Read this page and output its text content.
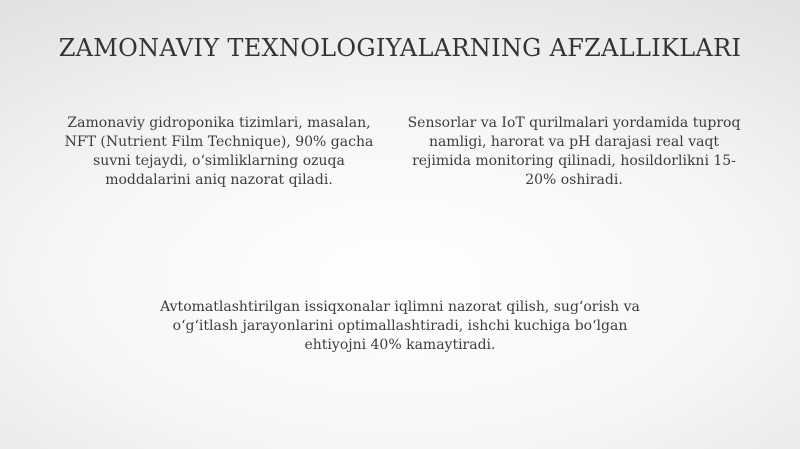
ZAMONAVIY TEXNOLOGIYALARNING AFZALLIKLARI

Zamonaviy gidroponika tizimlari, masalan, NFT (Nutrient Film Technique), 90% gacha suvni tejaydi, o‘simliklarning ozuqa moddalarini aniq nazorat qiladi.

Sensorlar va IoT qurilmalari yordamida tuproq namligi, harorat va pH darajasi real vaqt rejimida monitoring qilinadi, hosildorlikni 15-20% oshiradi.

Avtomatlashtirilgan issiqxonalar iqlimni nazorat qilish, sug‘orish va o‘g‘itlash jarayonlarini optimallashtiradi, ishchi kuchiga bo‘lgan ehtiyojni 40% kamaytiradi.
